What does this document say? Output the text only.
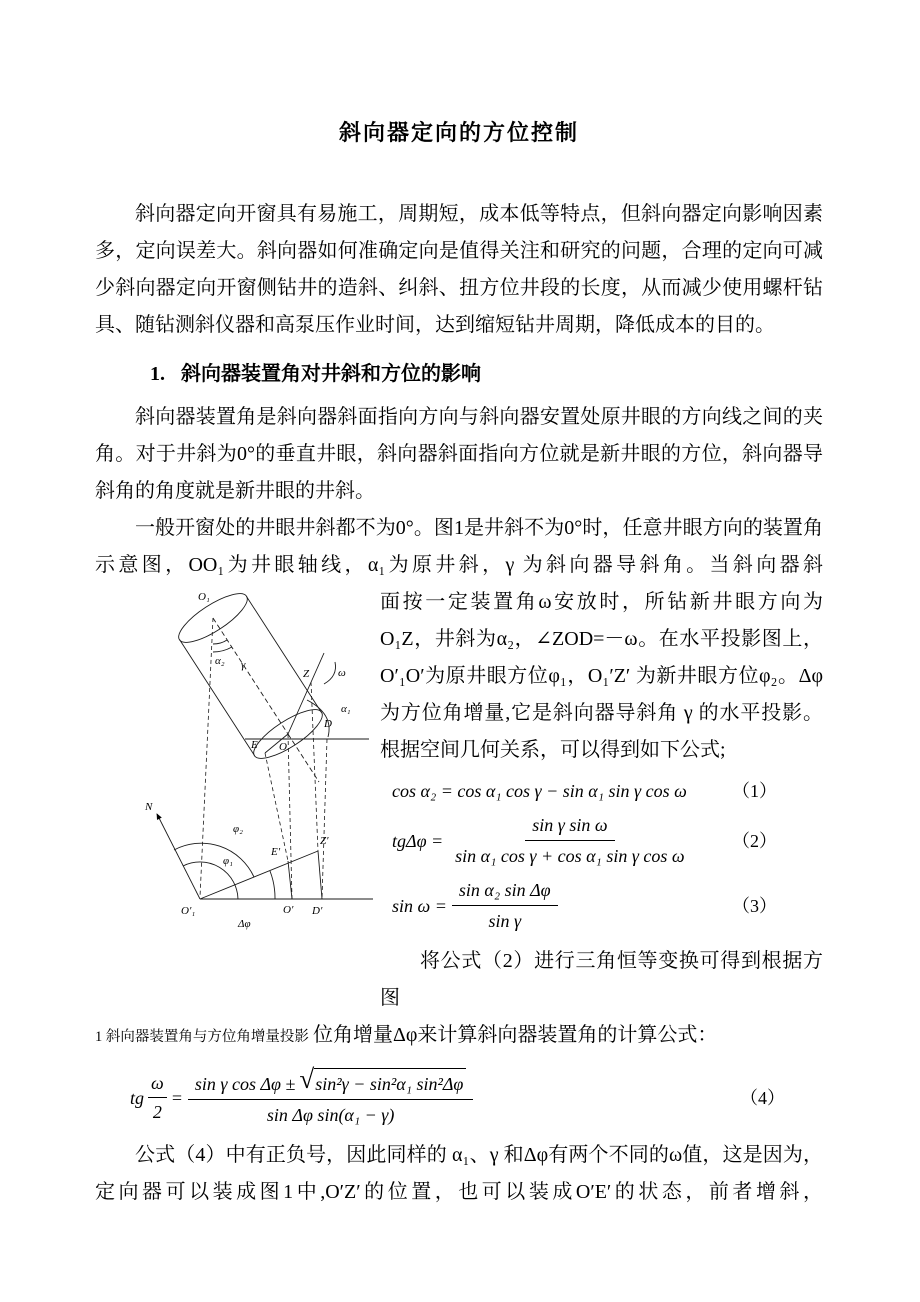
斜向器定向的方位控制

斜向器定向开窗具有易施工，周期短，成本低等特点，但斜向器定向影响因素多，定向误差大。斜向器如何准确定向是值得关注和研究的问题，合理的定向可减少斜向器定向开窗侧钻井的造斜、纠斜、扭方位井段的长度，从而减少使用螺杆钻具、随钻测斜仪器和高泵压作业时间，达到缩短钻井周期，降低成本的目的。

1. 斜向器装置角对井斜和方位的影响

斜向器装置角是斜向器斜面指向方向与斜向器安置处原井眼的方向线之间的夹角。对于井斜为0°的垂直井眼，斜向器斜面指向方位就是新井眼的方位，斜向器导斜角的角度就是新井眼的井斜。

一般开窗处的井眼井斜都不为0°。图1是井斜不为0°时，任意井眼方向的装置角示意图，OO₁为井眼轴线，α₁为原井斜，γ 为斜向器导斜角。当斜向器斜

O₁
α₂ γ
Z	ω
α₁
D
E O
N
φ₂
φ₁
Z′
E′
O′₁	O′ D′
Δφ

面按一定装置角ω安放时，所钻新井眼方向为O₁Z，井斜为α₂，∠ZOD=－ω。在水平投影图上，O′₁O′为原井眼方位φ₁，O₁′Z′ 为新井眼方位φ₂。Δφ为方位角增量,它是斜向器导斜角 γ 的水平投影。根据空间几何关系，可以得到如下公式;

cos α₂ = cos α₁ cos γ − sin α₁ sin γ cos ω	（1）
$tg\Delta\varphi = \frac{\text{sin γ sin ω}}{\text{sin α₁ cos γ + cos α₁ sin γ cos ω}} (2)$
$\sin \omega = \frac{\text{sin α₂ sin Δφ}}{\text{sin γ}}$	（3）

将公式（2）进行三角恒等变换可得到根据方图

1 斜向器装置角与方位角增量投影 位角增量Δφ来计算斜向器装置角的计算公式：
tg $\frac{\omega}{2} = \frac{\text{sin γ cos Δφ ± √ sin²γ − sin²α₁ sin²Δφ}}{\text{sin Δφ sin(α₁ − γ)}}$	（4）

公式（4）中有正负号，因此同样的 α₁、γ 和Δφ有两个不同的ω值，这是因为，定向器可以装成图1中,O′Z′的位置，也可以装成O′E′的状态，前者增斜，
